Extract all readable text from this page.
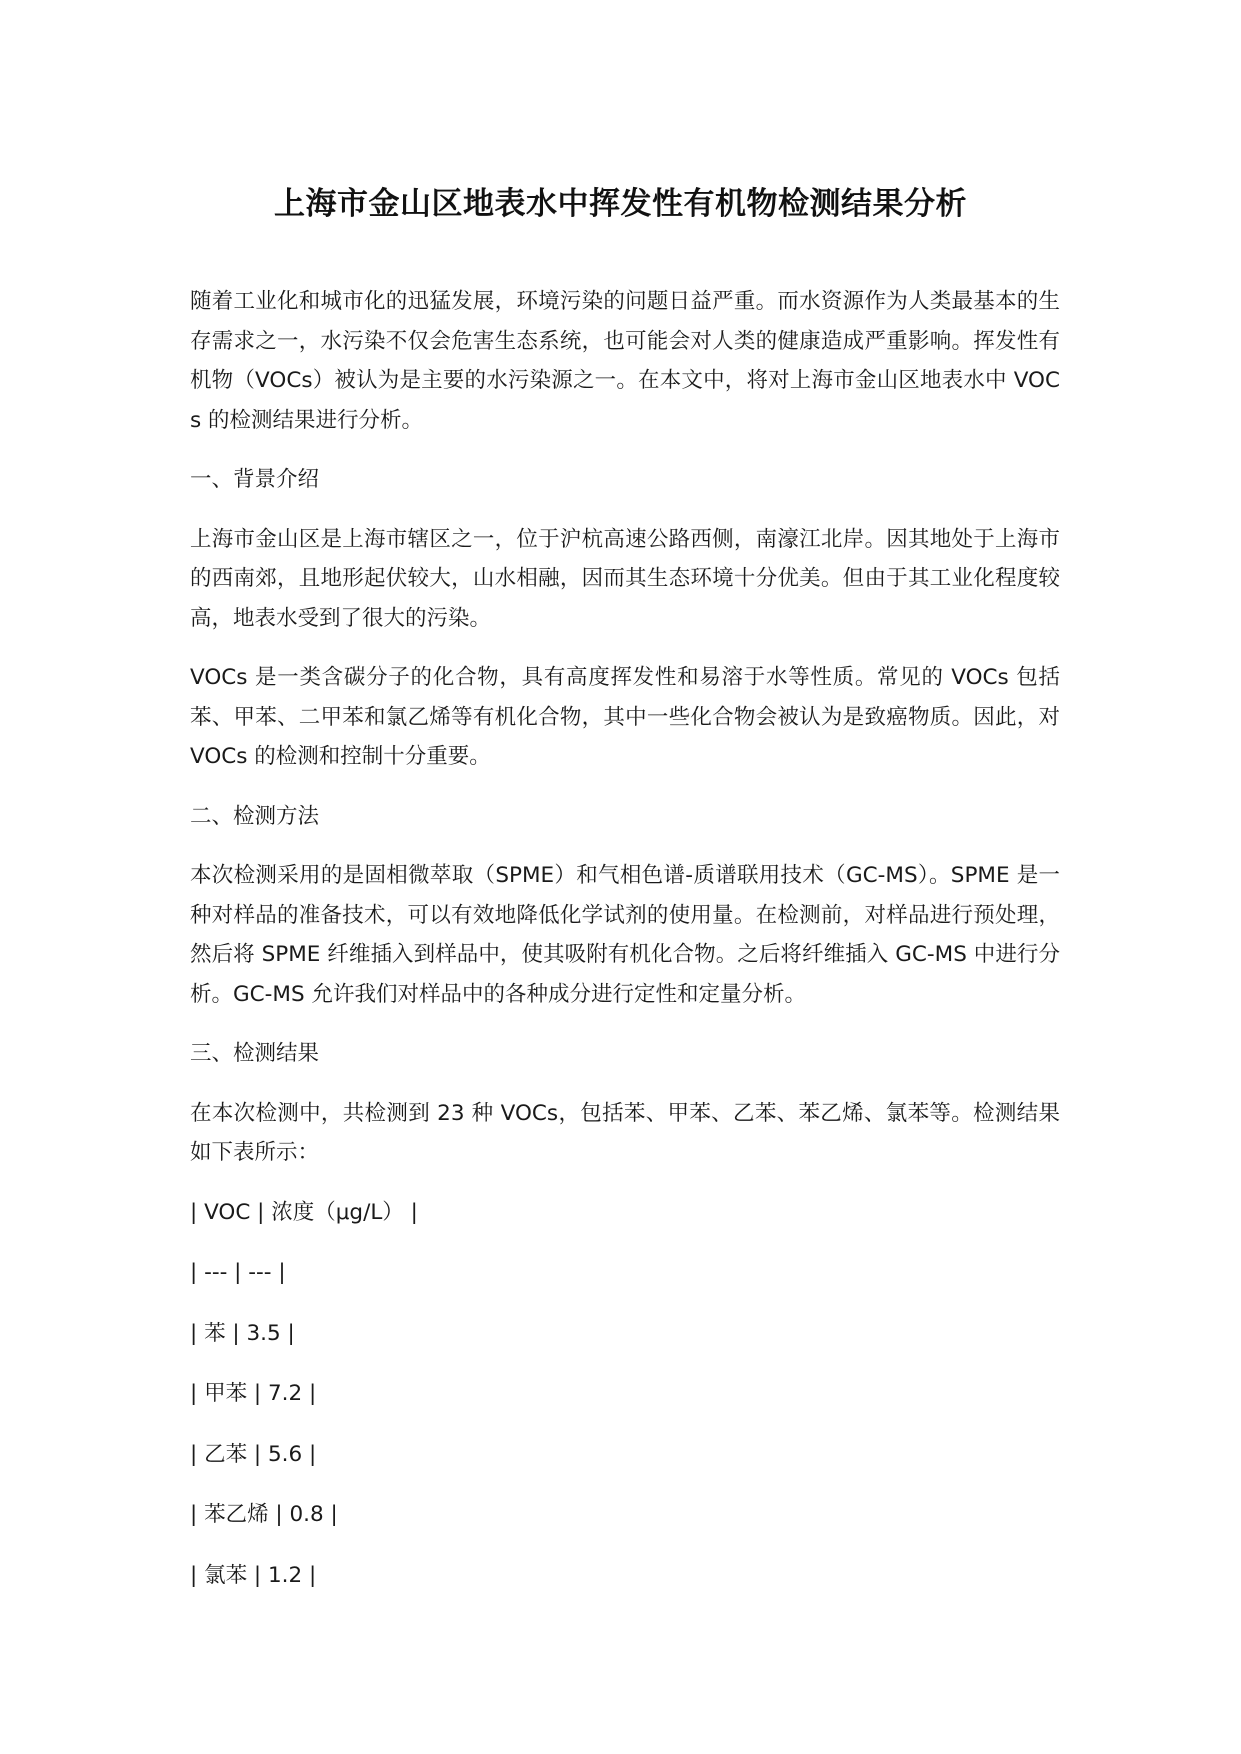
上海市金山区地表水中挥发性有机物检测结果分析

随着工业化和城市化的迅猛发展，环境污染的问题日益严重。而水资源作为人类最基本的生存需求之一，水污染不仅会危害生态系统，也可能会对人类的健康造成严重影响。挥发性有机物（VOCs）被认为是主要的水污染源之一。在本文中，将对上海市金山区地表水中 VOCs 的检测结果进行分析。

一、背景介绍

上海市金山区是上海市辖区之一，位于沪杭高速公路西侧，南濠江北岸。因其地处于上海市的西南郊，且地形起伏较大，山水相融，因而其生态环境十分优美。但由于其工业化程度较高，地表水受到了很大的污染。

VOCs 是一类含碳分子的化合物，具有高度挥发性和易溶于水等性质。常见的 VOCs 包括苯、甲苯、二甲苯和氯乙烯等有机化合物，其中一些化合物会被认为是致癌物质。因此，对 VOCs 的检测和控制十分重要。

二、检测方法

本次检测采用的是固相微萃取（SPME）和气相色谱-质谱联用技术（GC-MS）。SPME 是一种对样品的准备技术，可以有效地降低化学试剂的使用量。在检测前，对样品进行预处理，然后将 SPME 纤维插入到样品中，使其吸附有机化合物。之后将纤维插入 GC-MS 中进行分析。GC-MS 允许我们对样品中的各种成分进行定性和定量分析。

三、检测结果

在本次检测中，共检测到 23 种 VOCs，包括苯、甲苯、乙苯、苯乙烯、氯苯等。检测结果如下表所示：

| VOC | 浓度（μg/L） |

| --- | --- |

| 苯 | 3.5 |

| 甲苯 | 7.2 |

| 乙苯 | 5.6 |

| 苯乙烯 | 0.8 |

| 氯苯 | 1.2 |
